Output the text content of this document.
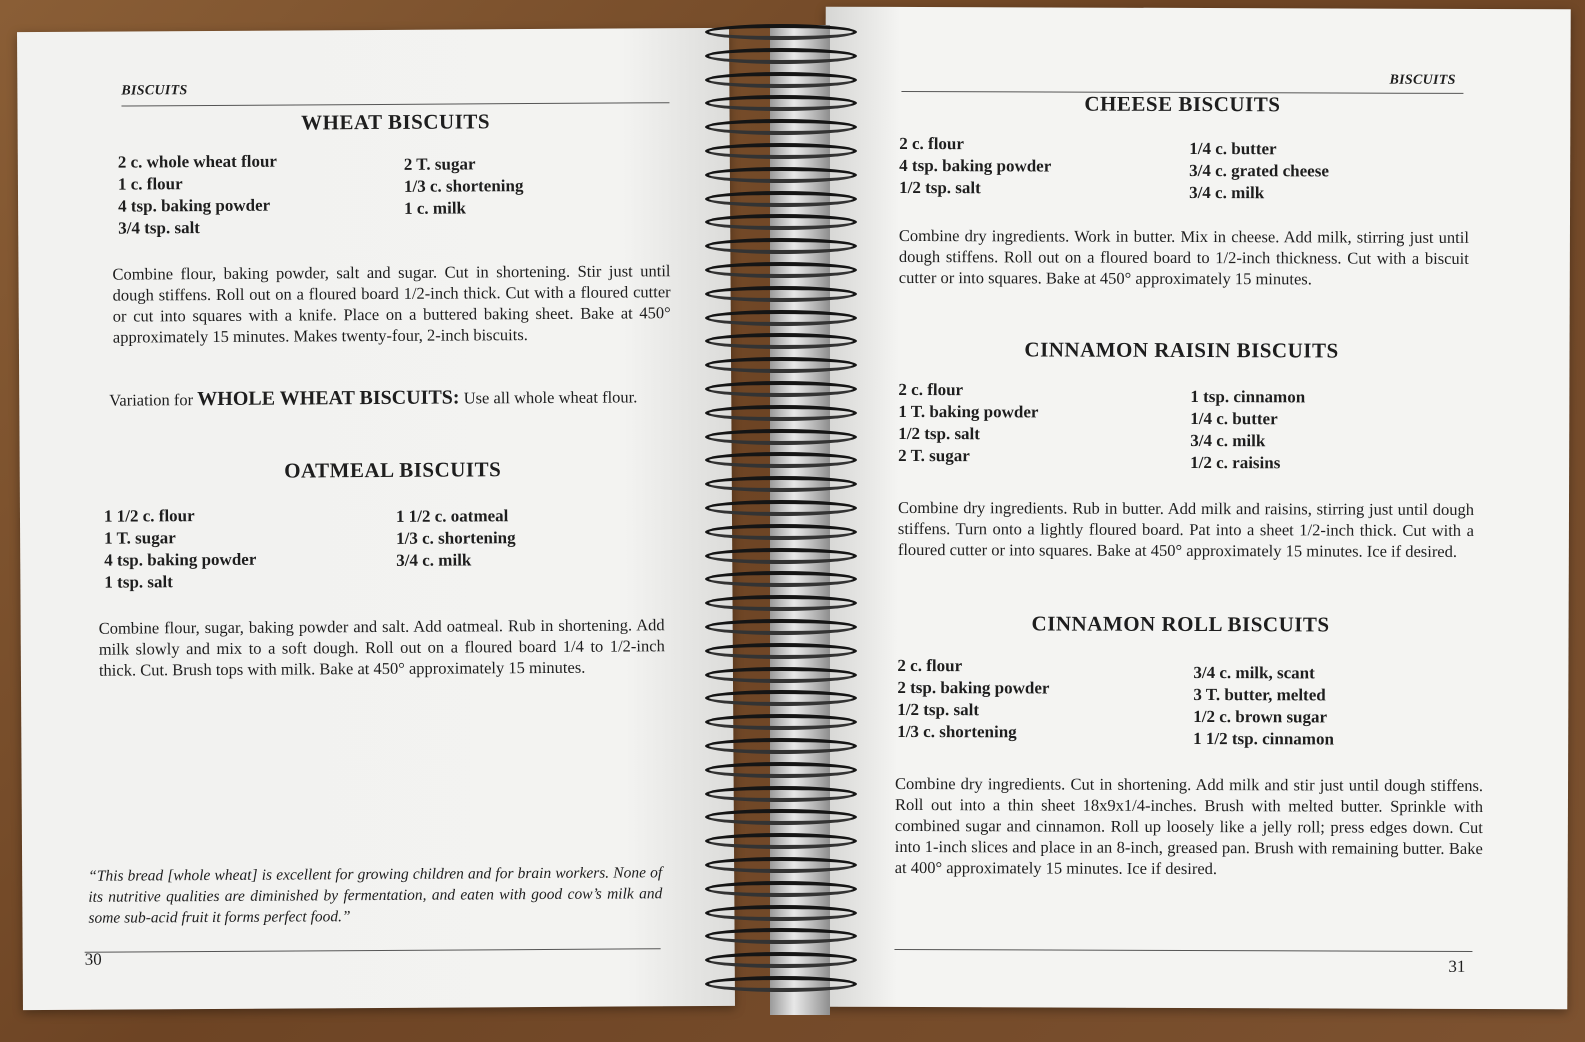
BISCUITS
WHEAT BISCUITS
2 c. whole wheat flour
1 c. flour
4 tsp. baking powder
3/4 tsp. salt
2 T. sugar
1/3 c. shortening
1 c. milk
Combine flour, baking powder, salt and sugar. Cut in shortening. Stir just until dough stiffens. Roll out on a floured board 1/2-inch thick. Cut with a floured cutter or cut into squares with a knife. Place on a buttered baking sheet. Bake at 450° approximately 15 minutes. Makes twenty-four, 2-inch biscuits.
Variation for WHOLE WHEAT BISCUITS: Use all whole wheat flour.
OATMEAL BISCUITS
1 1/2 c. flour
1 T. sugar
4 tsp. baking powder
1 tsp. salt
1 1/2 c. oatmeal
1/3 c. shortening
3/4 c. milk
Combine flour, sugar, baking powder and salt. Add oatmeal. Rub in shortening. Add milk slowly and mix to a soft dough. Roll out on a floured board 1/4 to 1/2-inch thick. Cut. Brush tops with milk. Bake at 450° approximately 15 minutes.
“This bread [whole wheat] is excellent for growing children and for brain workers. None of its nutritive qualities are diminished by fermentation, and eaten with good cow’s milk and some sub-acid fruit it forms perfect food.”
30
BISCUITS
CHEESE BISCUITS
2 c. flour
4 tsp. baking powder
1/2 tsp. salt
1/4 c. butter
3/4 c. grated cheese
3/4 c. milk
Combine dry ingredients. Work in butter. Mix in cheese. Add milk, stirring just until dough stiffens. Roll out on a floured board to 1/2-inch thickness. Cut with a biscuit cutter or into squares. Bake at 450° approximately 15 minutes.
CINNAMON RAISIN BISCUITS
2 c. flour
1 T. baking powder
1/2 tsp. salt
2 T. sugar
1 tsp. cinnamon
1/4 c. butter
3/4 c. milk
1/2 c. raisins
Combine dry ingredients. Rub in butter. Add milk and raisins, stirring just until dough stiffens. Turn onto a lightly floured board. Pat into a sheet 1/2-inch thick. Cut with a floured cutter or into squares. Bake at 450° approximately 15 minutes. Ice if desired.
CINNAMON ROLL BISCUITS
2 c. flour
2 tsp. baking powder
1/2 tsp. salt
1/3 c. shortening
3/4 c. milk, scant
3 T. butter, melted
1/2 c. brown sugar
1 1/2 tsp. cinnamon
Combine dry ingredients. Cut in shortening. Add milk and stir just until dough stiffens. Roll out into a thin sheet 18x9x1/4-inches. Brush with melted butter. Sprinkle with combined sugar and cinnamon. Roll up loosely like a jelly roll; press edges down. Cut into 1-inch slices and place in an 8-inch, greased pan. Brush with remaining butter. Bake at 400° approximately 15 minutes. Ice if desired.
31
